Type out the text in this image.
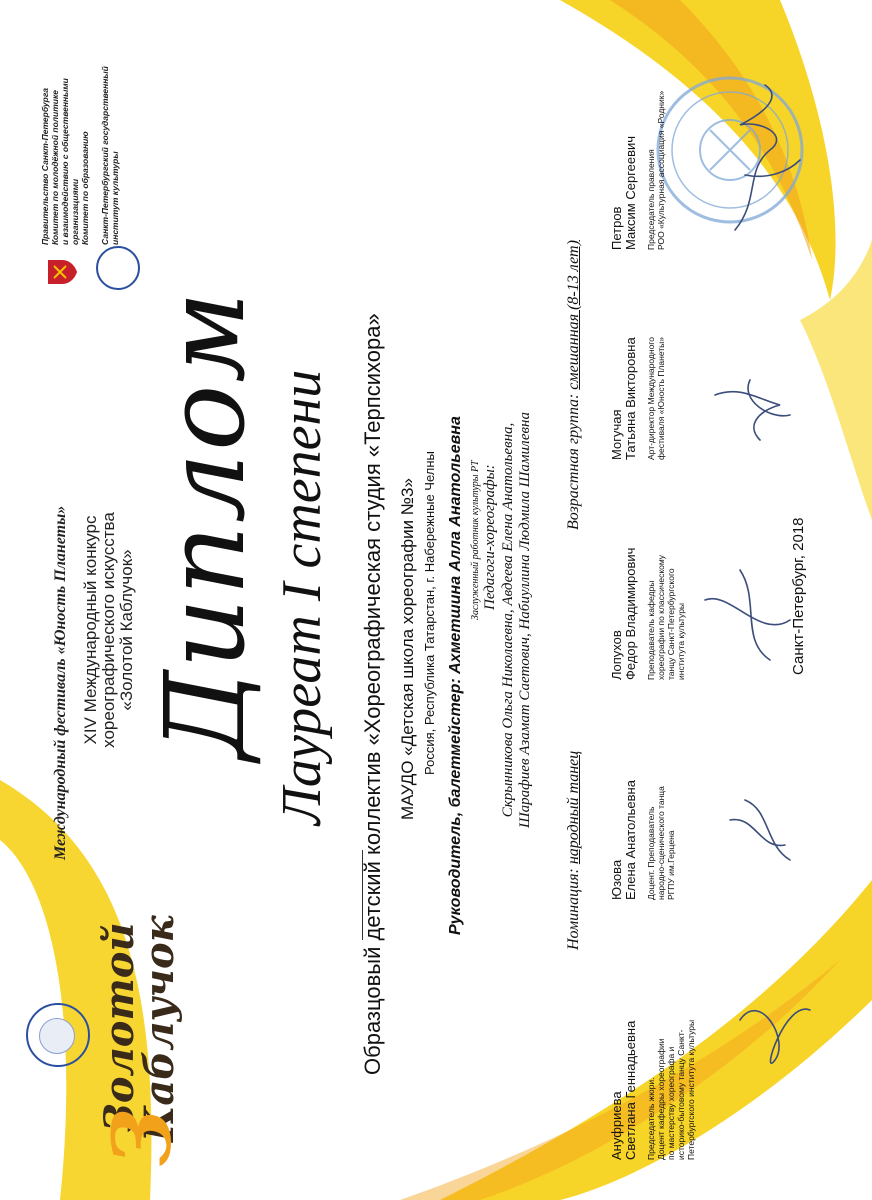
Золотой
Каблучок
З
Международный фестиваль «Юность Планеты» XIV Международный конкурс хореографического искусства «Золотой Каблучок»
Правительство Санкт-Петербурга Комитет по молодёжной политике и взаимодействию с общественными организациями Комитет по образованию Санкт-Петербургский государственный институт культуры
Диплом Лауреат I степени Образцовый детский коллектив «Хореографическая студия «Терпсихора» МАУДО «Детская школа хореографии №3» Россия, Республика Татарстан, г. Набережные Челны Руководитель, балетмейстер: Ахметшина Алла Анатольевна Заслуженный работник культуры РТ Педагоги-хореографы: Скрынникова Ольга Николаевна, Авдеева Елена Анатольевна, Шарафиев Азамат Саетович, Набиуллина Людмила Шамилевна
Номинация: народный танец
Возрастная группа: смешанная (8-13 лет)
Ануфриева Светлана Геннадьевна Председатель жюри. Доцент кафедры хореографии по мастерству хореографа и историко-бытовому танцу Санкт- Петербургского института культуры
Юзова Елена Анатольевна Доцент. Преподаватель народно-сценического танца РГПУ им.Герцена
Лопухов Федор Владимирович Преподаватель кафедры хореографии по классическому танцу Санкт-Петербургского института культуры
Могучая Татьяна Викторовна Арт-директор Международного фестиваля «Юность Планеты»
Петров Максим Сергеевич Председатель правления РОО «Культурная ассоциация «Родник»
Санкт-Петербург, 2018
